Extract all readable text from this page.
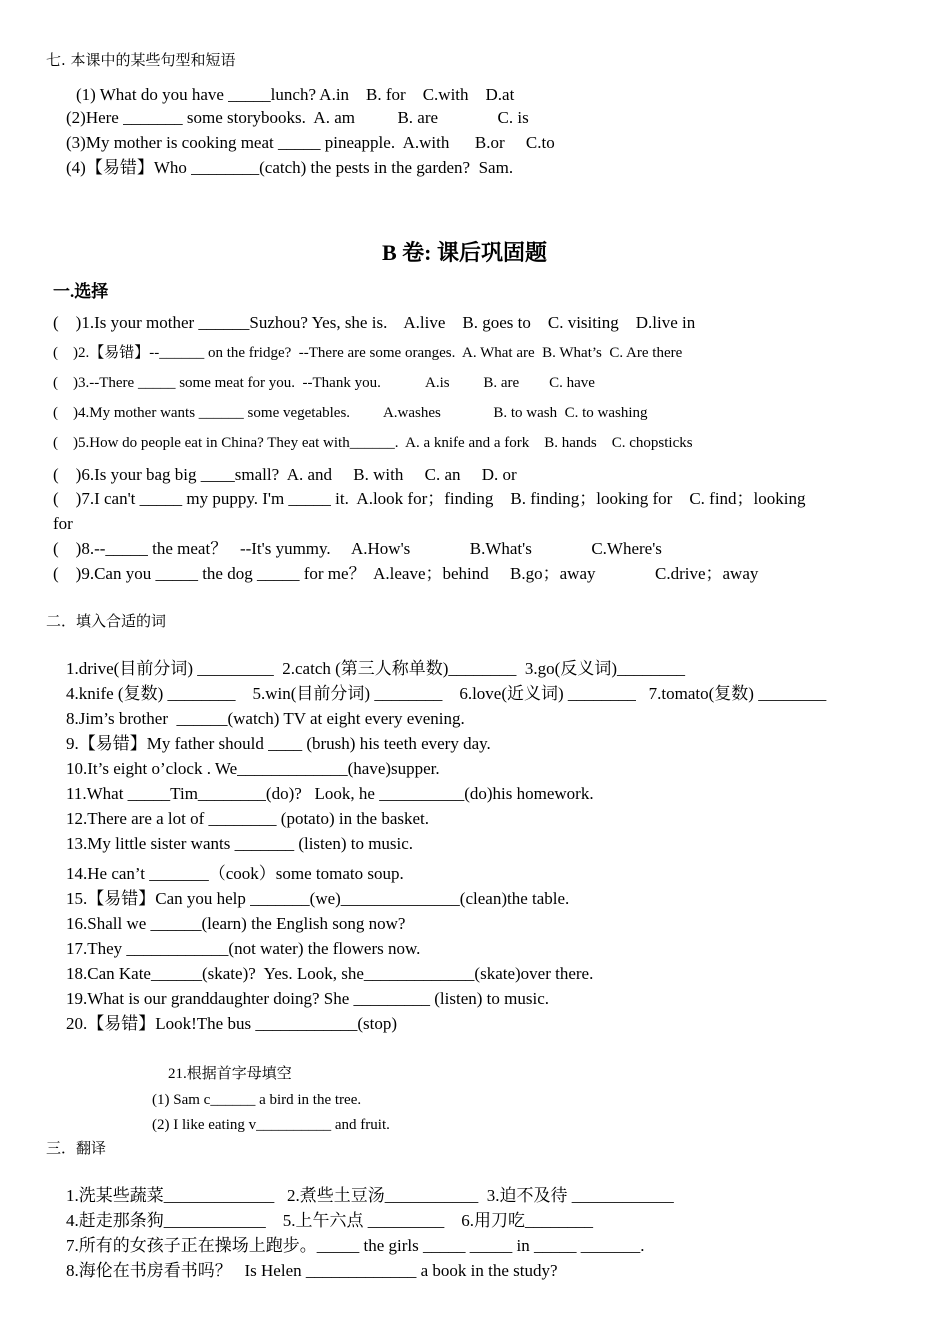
七. 本课中的某些句型和短语
(1) What do you have _____lunch? A.in    B. for    C.with    D.at
(2)Here _______ some storybooks.  A. am          B. are              C. is
(3)My mother is cooking meat _____ pineapple.  A.with      B.or     C.to
(4)【易错】Who ________(catch) the pests in the garden?  Sam.
B 卷: 课后巩固题
一.选择
(    )1.Is your mother ______Suzhou? Yes, she is.    A.live    B. goes to    C. visiting    D.live in
(    )2.【易错】--______ on the fridge?  --There are some oranges.  A. What are  B. What’s  C. Are there
(    )3.--There _____ some meat for you.  --Thank you.            A.is         B. are        C. have
(    )4.My mother wants ______ some vegetables.         A.washes              B. to wash  C. to washing
(    )5.How do people eat in China? They eat with______.  A. a knife and a fork    B. hands    C. chopsticks
(    )6.Is your bag big ____small?  A. and     B. with     C. an     D. or
(    )7.I can't _____ my puppy. I'm _____ it.  A.look for；finding    B. finding；looking for    C. find；looking
for
(    )8.--_____ the meat？   --It's yummy.     A.How's              B.What's              C.Where's
(    )9.Can you _____ the dog _____ for me？  A.leave；behind     B.go；away              C.drive；away
二．填入合适的词
1.drive(目前分词) _________  2.catch (第三人称单数)________  3.go(反义词)________
4.knife (复数) ________    5.win(目前分词) ________    6.love(近义词) ________   7.tomato(复数) ________
8.Jim’s brother  ______(watch) TV at eight every evening.
9.【易错】My father should ____ (brush) his teeth every day.
10.It’s eight o’clock . We_____________(have)supper.
11.What _____Tim________(do)?   Look, he __________(do)his homework.
12.There are a lot of ________ (potato) in the basket.
13.My little sister wants _______ (listen) to music.
14.He can’t _______（cook）some tomato soup.
15.【易错】Can you help _______(we)______________(clean)the table.
16.Shall we ______(learn) the English song now?
17.They ____________(not water) the flowers now.
18.Can Kate______(skate)?  Yes. Look, she_____________(skate)over there.
19.What is our granddaughter doing? She _________ (listen) to music.
20.【易错】Look!The bus ____________(stop)
21.根据首字母填空
(1) Sam c______ a bird in the tree.
(2) I like eating v__________ and fruit.
三．翻译
1.洗某些蔬菜_____________   2.煮些土豆汤___________  3.迫不及待 ____________
4.赶走那条狗____________    5.上午六点 _________    6.用刀吃________
7.所有的女孩子正在操场上跑步。_____ the girls _____ _____ in _____ _______.
8.海伦在书房看书吗？   Is Helen _____________ a book in the study?
